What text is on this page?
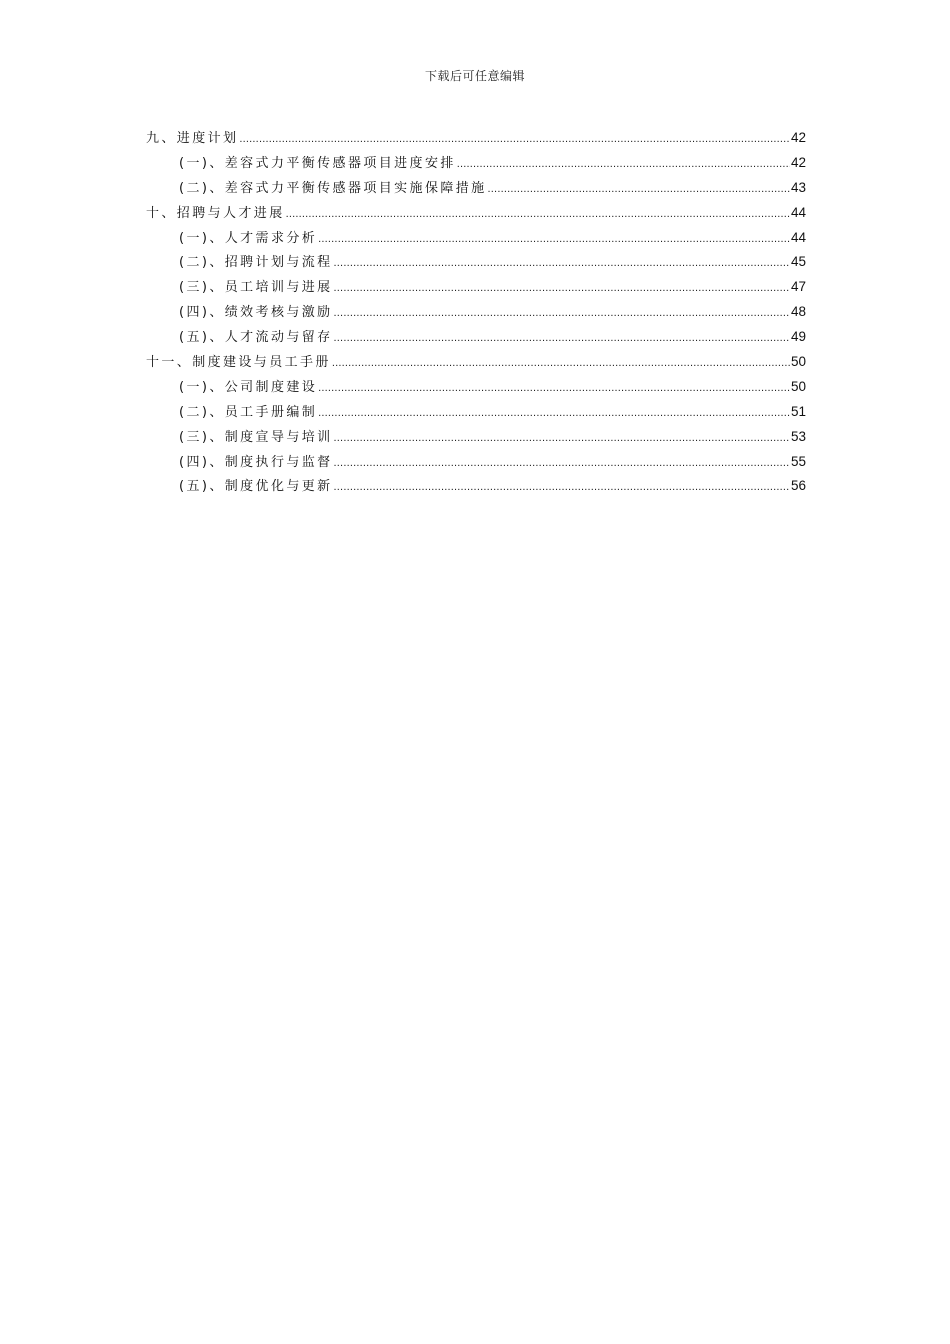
下载后可任意编辑
九、进度计划 .....	42
(一)、差容式力平衡传感器项目进度安排 .....	42
(二)、差容式力平衡传感器项目实施保障措施 .....	43
十、招聘与人才进展 .....	44
(一)、人才需求分析 .....	44
(二)、招聘计划与流程 .....	45
(三)、员工培训与进展 .....	47
(四)、绩效考核与激励 .....	48
(五)、人才流动与留存 .....	49
十一、制度建设与员工手册 .....	50
(一)、公司制度建设 .....	50
(二)、员工手册编制 .....	51
(三)、制度宣导与培训 .....	53
(四)、制度执行与监督 .....	55
(五)、制度优化与更新 .....	56
